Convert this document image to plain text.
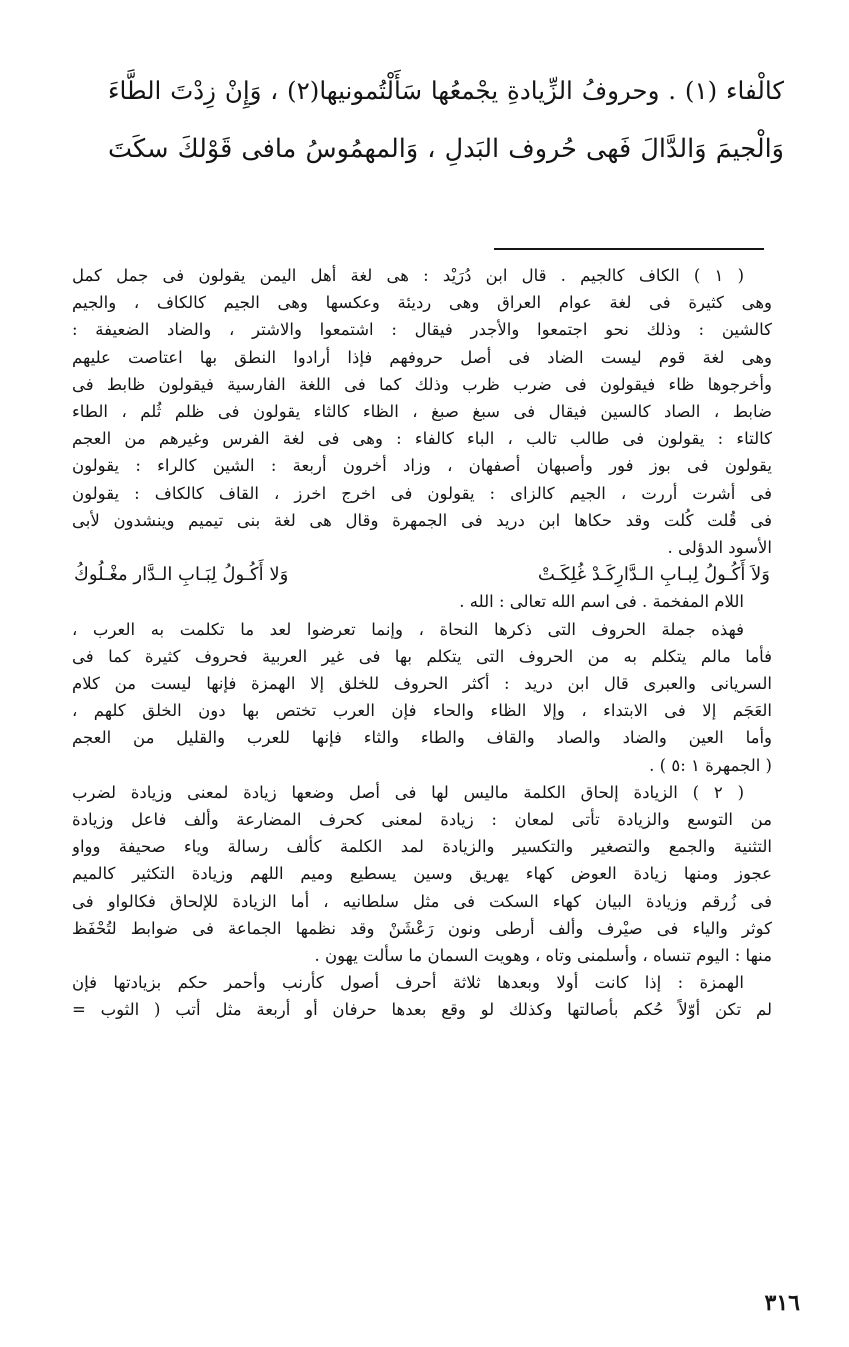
كالْفاء (١) . وحروفُ الزِّيادةِ يجْمعُها سَأَلْتُمونيها(٢) ، وَإِنْ زِدْتَ الطَّاءَ
وَالْجيمَ وَالدَّالَ فَهى حُروف البَدلِ ، وَالمهمُوسُ مافى قَوْلكَ سكَتَ
( ١ ) الكاف كالجيم . قال ابن دُرَيْد : هى لغة أهل اليمن يقولون فى جمل كمل
وهى كثيرة فى لغة عوام العراق وهى رديئة وعكسها وهى الجيم كالكاف ، والجيم
كالشين : وذلك نحو اجتمعوا والأجدر فيقال : اشتمعوا والاشتر ، والضاد الضعيفة :
وهى لغة قوم ليست الضاد فى أصل حروفهم فإذا أرادوا النطق بها اعتاصت عليهم
وأخرجوها ظاء فيقولون فى ضرب ظرب وذلك كما فى اللغة الفارسية فيقولون ظابط فى
ضابط ، الصاد كالسين فيقال فى سبغ صبغ ، الظاء كالثاء يقولون فى ظلم ثُلم ، الطاء
كالتاء : يقولون فى طالب تالب ، الباء كالفاء : وهى فى لغة الفرس وغيرهم من العجم
يقولون فى بوز فور وأصبهان أصفهان ، وزاد أخرون أربعة : الشين كالراء : يقولون
فى أشرت أررت ، الجيم كالزاى : يقولون فى اخرج اخرز ، القاف كالكاف : يقولون
فى قُلت كُلت وقد حكاها ابن دريد فى الجمهرة وقال هى لغة بنى تيميم وينشدون لأبى
الأسود الدؤلى .
وَلاَ أَكُـولُ لِبـابِ الـدَّارِكَـدْ غُلِكَـتْ
وَلا أَكُـولُ لِبَـابِ الـدَّار مغْـلُوكُ
اللام المفخمة . فى اسم الله تعالى : الله .
فهذه جملة الحروف التى ذكرها النحاة ، وإنما تعرضوا لعد ما تكلمت به العرب ،
فأما مالم يتكلم به من الحروف التى يتكلم بها فى غير العربية فحروف كثيرة كما فى
السريانى والعبرى قال ابن دريد : أكثر الحروف للخلق إلا الهمزة فإنها ليست من كلام
العَجَم إلا فى الابتداء ، وإلا الظاء والحاء فإن العرب تختص بها دون الخلق كلهم ،
وأما العين والضاد والصاد والقاف والطاء والثاء فإنها للعرب والقليل من العجم
( الجمهرة ١ :٥ ) .
( ٢ ) الزيادة إلحاق الكلمة ماليس لها فى أصل وضعها زيادة لمعنى وزيادة لضرب
من التوسع والزيادة تأتى لمعان : زيادة لمعنى كحرف المضارعة وألف فاعل وزيادة
التثنية والجمع والتصغير والتكسير والزيادة لمد الكلمة كألف رسالة وياء صحيفة وواو
عجوز ومنها زيادة العوض كهاء يهريق وسين يسطيع وميم اللهم وزيادة التكثير كالميم
فى زُرقم وزيادة البيان كهاء السكت فى مثل سلطانيه ، أما الزيادة للإلحاق فكالواو فى
كوثر والياء فى صيْرف وألف أرطى ونون رَعْشَنْ وقد نظمها الجماعة فى ضوابط لتُحْفَظ
منها : اليوم تنساه ، وأسلمنى وتاه ، وهويت السمان ما سألت يهون .
الهمزة : إذا كانت أولا وبعدها ثلاثة أحرف أصول كأرنب وأحمر حكم بزيادتها فإن
لم تكن أوّلاً حُكم بأصالتها وكذلك لو وقع بعدها حرفان أو أربعة مثل أتب ( الثوب =
٣١٦
